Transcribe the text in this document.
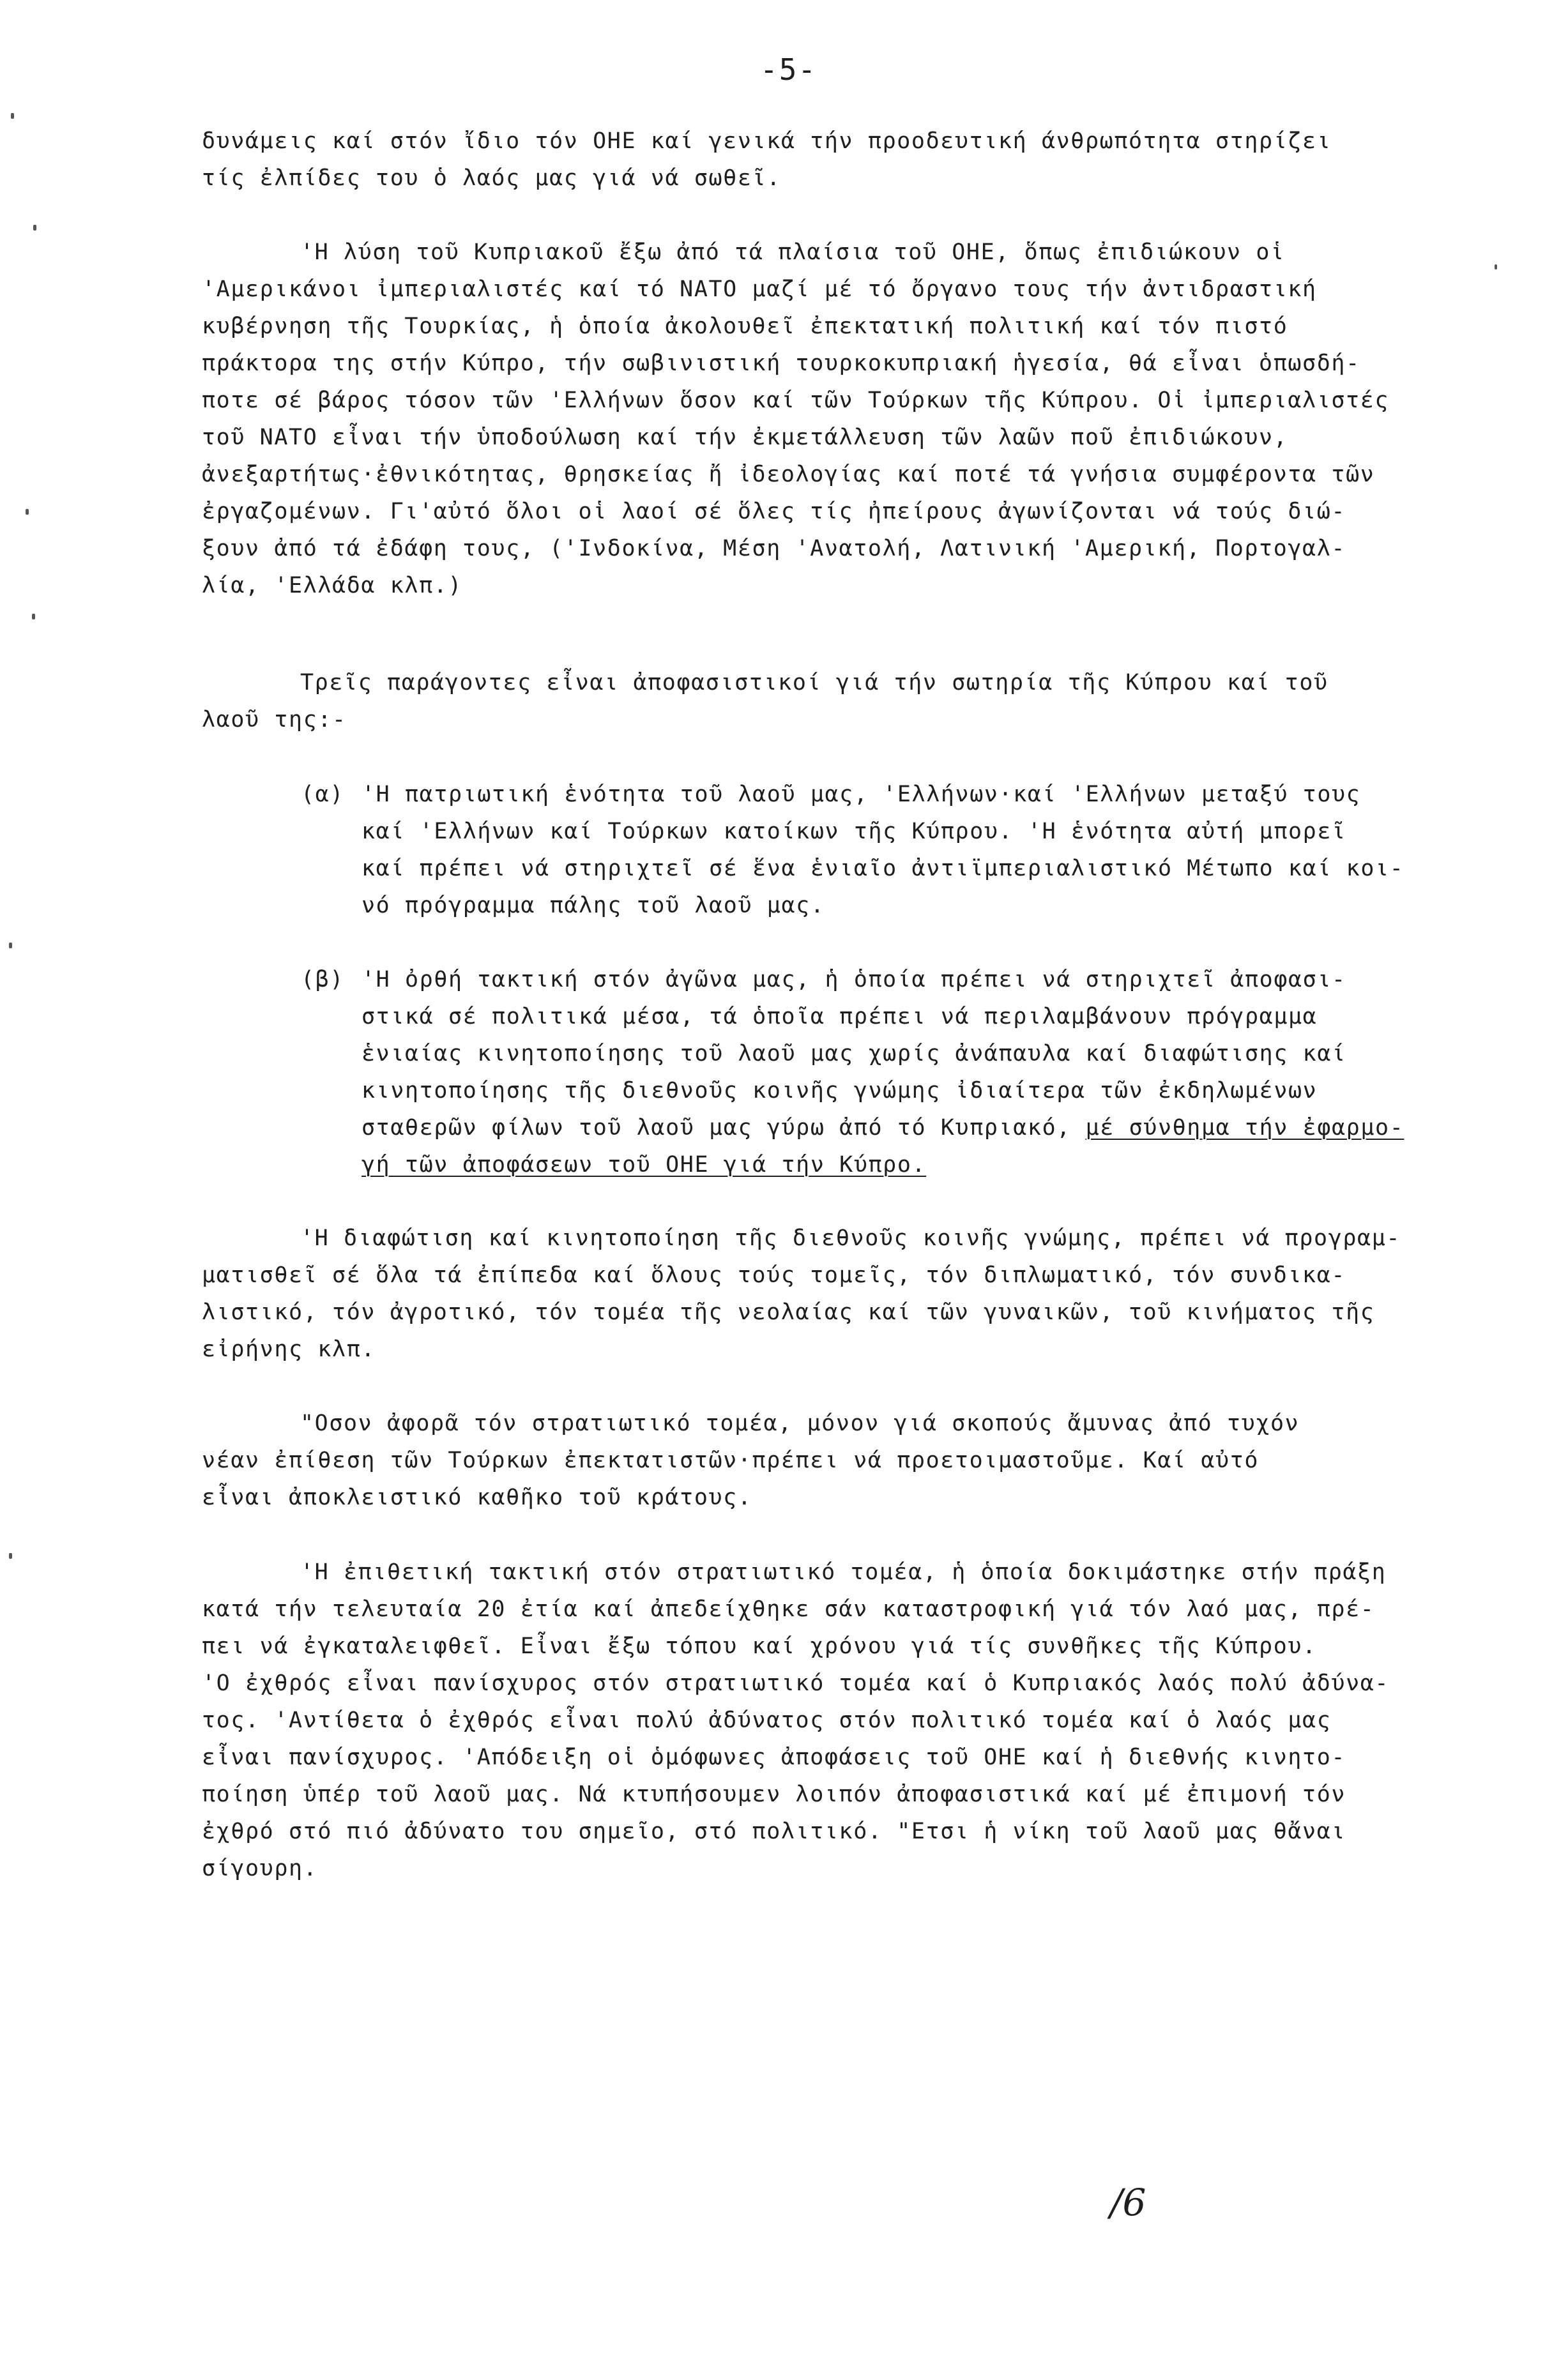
-5-
δυνάμεις καί στόν ἴδιο τόν ΟΗΕ καί γενικά τήν προοδευτική άνθρωπότητα στηρίζει
τίς ἐλπίδες του ὁ λαός μας γιά νά σωθεῖ.
'Η λύση τοῦ Κυπριακοῦ ἔξω ἀπό τά πλαίσια τοῦ ΟΗΕ, ὅπως ἐπιδιώκουν οἱ
'Αμερικάνοι ἰμπεριαλιστές καί τό ΝΑΤΟ μαζί μέ τό ὄργανο τους τήν ἀντιδραστική
κυβέρνηση τῆς Τουρκίας, ἡ ὁποία ἀκολουθεῖ ἐπεκτατική πολιτική καί τόν πιστό
πράκτορα της στήν Κύπρο, τήν σωβινιστική τουρκοκυπριακή ἡγεσία, θά εἶναι ὁπωσδή-
ποτε σέ βάρος τόσον τῶν 'Ελλήνων ὅσον καί τῶν Τούρκων τῆς Κύπρου. Οἱ ἰμπεριαλιστές
τοῦ ΝΑΤΟ εἶναι τήν ὑποδούλωση καί τήν ἐκμετάλλευση τῶν λαῶν ποῦ ἐπιδιώκουν,
ἀνεξαρτήτως·ἐθνικότητας, θρησκείας ἤ ἰδεολογίας καί ποτέ τά γνήσια συμφέροντα τῶν
ἐργαζομένων. Γι'αὐτό ὅλοι οἱ λαοί σέ ὅλες τίς ἠπείρους ἀγωνίζονται νά τούς διώ-
ξουν ἀπό τά ἐδάφη τους, ('Ινδοκίνα, Μέση 'Ανατολή, Λατινική 'Αμερική, Πορτογαλ-
λία, 'Ελλάδα κλπ.)
Τρεῖς παράγοντες εἶναι ἀποφασιστικοί γιά τήν σωτηρία τῆς Κύπρου καί τοῦ
λαοῦ της:-
(α) 'Η πατριωτική ἑνότητα τοῦ λαοῦ μας, 'Ελλήνων·καί 'Ελλήνων μεταξύ τους
καί 'Ελλήνων καί Τούρκων κατοίκων τῆς Κύπρου. 'Η ἑνότητα αὐτή μπορεῖ
καί πρέπει νά στηριχτεῖ σέ ἕνα ἑνιαῖο ἀντιϊμπεριαλιστικό Μέτωπο καί κοι-
νό πρόγραμμα πάλης τοῦ λαοῦ μας.
(β) 'Η ὀρθή τακτική στόν ἀγῶνα μας, ἡ ὁποία πρέπει νά στηριχτεῖ ἀποφασι-
στικά σέ πολιτικά μέσα, τά ὁποῖα πρέπει νά περιλαμβάνουν πρόγραμμα
ἑνιαίας κινητοποίησης τοῦ λαοῦ μας χωρίς ἀνάπαυλα καί διαφώτισης καί
κινητοποίησης τῆς διεθνοῦς κοινῆς γνώμης ἰδιαίτερα τῶν ἐκδηλωμένων
σταθερῶν φίλων τοῦ λαοῦ μας γύρω ἀπό τό Κυπριακό, μέ σύνθημα τήν ἐφαρμο-
γή τῶν ἀποφάσεων τοῦ ΟΗΕ γιά τήν Κύπρο.
'Η διαφώτιση καί κινητοποίηση τῆς διεθνοῦς κοινῆς γνώμης, πρέπει νά προγραμ-
ματισθεῖ σέ ὅλα τά ἐπίπεδα καί ὅλους τούς τομεῖς, τόν διπλωματικό, τόν συνδικα-
λιστικό, τόν ἀγροτικό, τόν τομέα τῆς νεολαίας καί τῶν γυναικῶν, τοῦ κινήματος τῆς
εἰρήνης κλπ.
"Οσον ἀφορᾶ τόν στρατιωτικό τομέα, μόνον γιά σκοπούς ἄμυνας ἀπό τυχόν
νέαν ἐπίθεση τῶν Τούρκων ἐπεκτατιστῶν·πρέπει νά προετοιμαστοῦμε. Καί αὐτό
εἶναι ἀποκλειστικό καθῆκο τοῦ κράτους.
'Η ἐπιθετική τακτική στόν στρατιωτικό τομέα, ἡ ὁποία δοκιμάστηκε στήν πράξη
κατά τήν τελευταία 20 ἐτία καί ἀπεδείχθηκε σάν καταστροφική γιά τόν λαό μας, πρέ-
πει νά ἐγκαταλειφθεῖ. Εἶναι ἔξω τόπου καί χρόνου γιά τίς συνθῆκες τῆς Κύπρου.
'Ο ἐχθρός εἶναι πανίσχυρος στόν στρατιωτικό τομέα καί ὁ Κυπριακός λαός πολύ ἀδύνα-
τος. 'Αντίθετα ὁ ἐχθρός εἶναι πολύ ἀδύνατος στόν πολιτικό τομέα καί ὁ λαός μας
εἶναι πανίσχυρος. 'Απόδειξη οἱ ὁμόφωνες ἀποφάσεις τοῦ ΟΗΕ καί ἡ διεθνής κινητο-
ποίηση ὑπέρ τοῦ λαοῦ μας. Νά κτυπήσουμεν λοιπόν ἀποφασιστικά καί μέ ἐπιμονή τόν
ἐχθρό στό πιό ἀδύνατο του σημεῖο, στό πολιτικό. "Ετσι ἡ νίκη τοῦ λαοῦ μας θἄναι
σίγουρη.
/6
